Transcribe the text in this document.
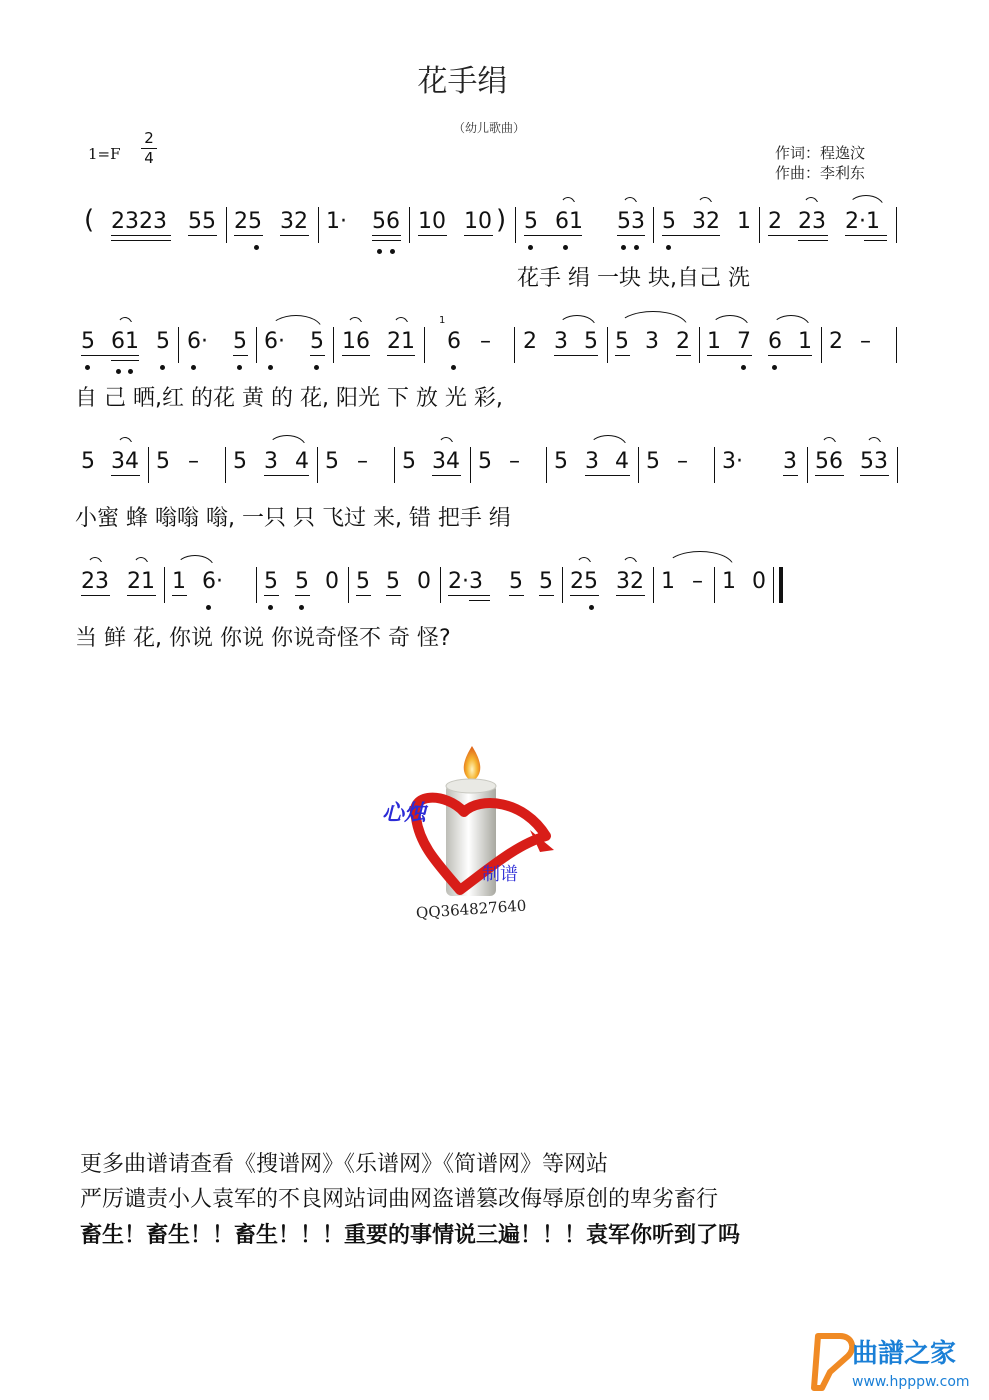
花手绢
（幼儿歌曲）
1=F
2
4	作词：程逸汶
作曲：李利东
( 2323 55 25 32 1· 56 10 10 ) 5 61 53 5 32 1 2 23 2·1
花手 绢 一块 块,自己 洗
5 61 5 6· 5 6· 5 16 21
1
6 – 2 3 5 5 3 2 1 7 6 1 2 –
自 己 晒,红 的花 黄 的 花, 阳光 下 放 光 彩,
5 34 5 – 5 3 4 5 – 5 34 5 – 5 3 4 5 – 3· 3 56 53
小蜜 蜂 嗡嗡 嗡, 一只 只 飞过 来, 错 把手 绢
23 21 1 6· 5 5 0 5 5 0 2·3 5 5 25 32 1 – 1 0
当 鲜 花, 你说 你说 你说奇怪不 奇 怪?
心烛
制谱
QQ364827640
更多曲谱请查看《搜谱网》《乐谱网》《简谱网》等网站
严厉谴责小人袁军的不良网站词曲网盗谱篡改侮辱原创的卑劣畜行
畜生！畜生！！畜生！！！重要的事情说三遍！！！袁军你听到了吗
曲譜之家
www.hpppw.com
